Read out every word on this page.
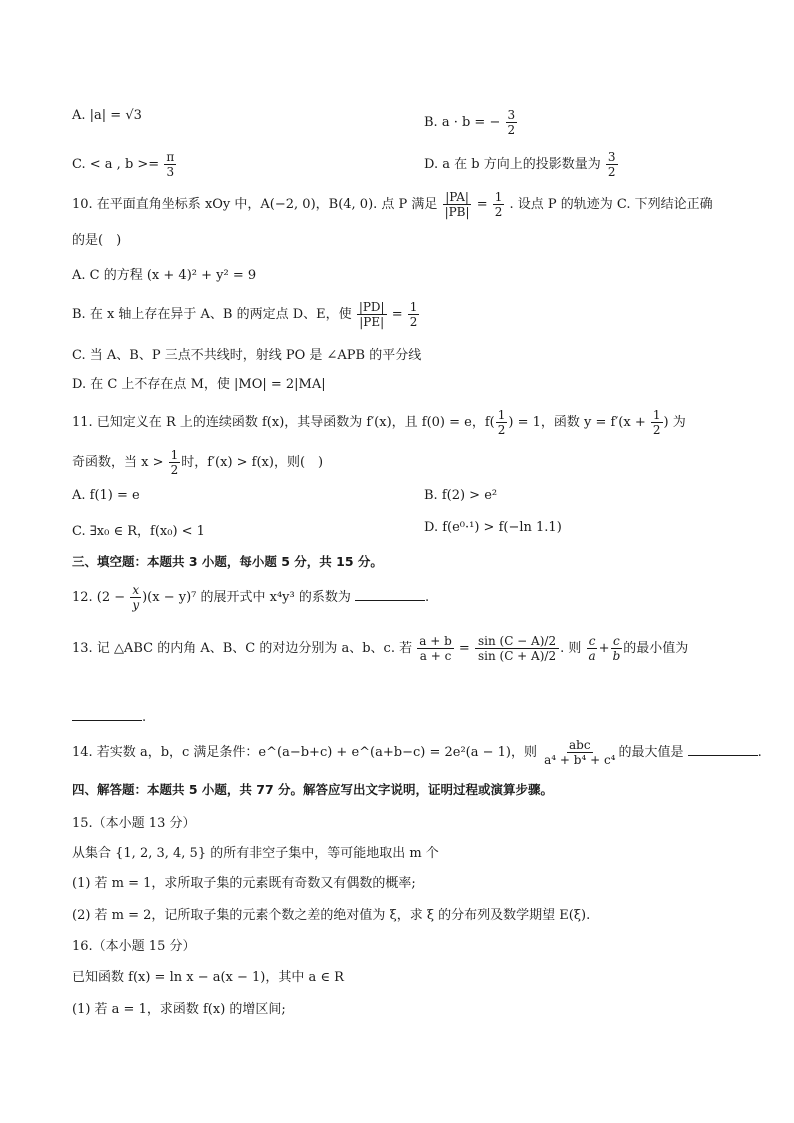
A. |a| = √3	B. a · b = − $\frac{3}{2}$
C. < a , $b >= \frac{\pi}{3}$	D. a 在 b 方向上的投影数量为 $\frac{3}{2}$
10. 在平面直角坐标系 xOy 中，A(−2, 0)，B(4, 0). 点 P 满足 $\frac{|PA|}{|PB|} = \frac{1}{2}$ . 设点 P 的轨迹为 C. 下列结论正确
的是(　)
A. C 的方程 (x + 4)² + y² = 9
B. 在 x 轴上存在异于 A、B 的两定点 D、E，使 $\frac{|PD|}{|PE|} = \frac{1}{2}$
C. 当 A、B、P 三点不共线时，射线 PO 是 ∠APB 的平分线
D. 在 C 上不存在点 M，使 |MO| = 2|MA|
11. 已知定义在 R 上的连续函数 f(x)，其导函数为 f′(x)，且 f(0) = e，$f( \frac{1}{2}$ ) = 1，函数 $y = f'(x + \frac{1}{2}$ ) 为
奇函数，当 $x > \frac{1}{2}$ 时，f′(x) > f(x)，则(　)
A. f(1) = e	B. f(2) > e²
C. ∃x₀ ∈ R，f(x₀) < 1	D. f(e⁰·¹) > f(−ln 1.1)
三、填空题：本题共 3 小题，每小题 5 分，共 15 分。
12. $(2 - \frac{x}{y} )(x - y)^7$ 的展开式中 x⁴y³ 的系数为	.
13. 记 △ABC 的内角 A、B、C 的对边分别为 a、b、c. 若 $\frac{a + b}{a + c} = \frac{\sin (C - A)/2}{\sin (C + A)/2}$ . 则 $\frac{c}{a} + \frac{c}{b}$ 的最小值为
.
14. 若实数 a，b，c 满足条件：e^(a−b+c) + e^(a+b−c) = 2e²(a − 1)，则 $\frac{\text{abc}}{\text{a⁴ + b⁴ + c⁴}}$ 的最大值是	.
四、解答题：本题共 5 小题，共 77 分。解答应写出文字说明，证明过程或演算步骤。
15.（本小题 13 分）
从集合 {1, 2, 3, 4, 5} 的所有非空子集中，等可能地取出 m 个
(1) 若 m = 1，求所取子集的元素既有奇数又有偶数的概率;
(2) 若 m = 2，记所取子集的元素个数之差的绝对值为 ξ，求 ξ 的分布列及数学期望 E(ξ).
16.（本小题 15 分）
已知函数 f(x) = ln x − a(x − 1)，其中 a ∈ R
(1) 若 a = 1，求函数 f(x) 的增区间;
